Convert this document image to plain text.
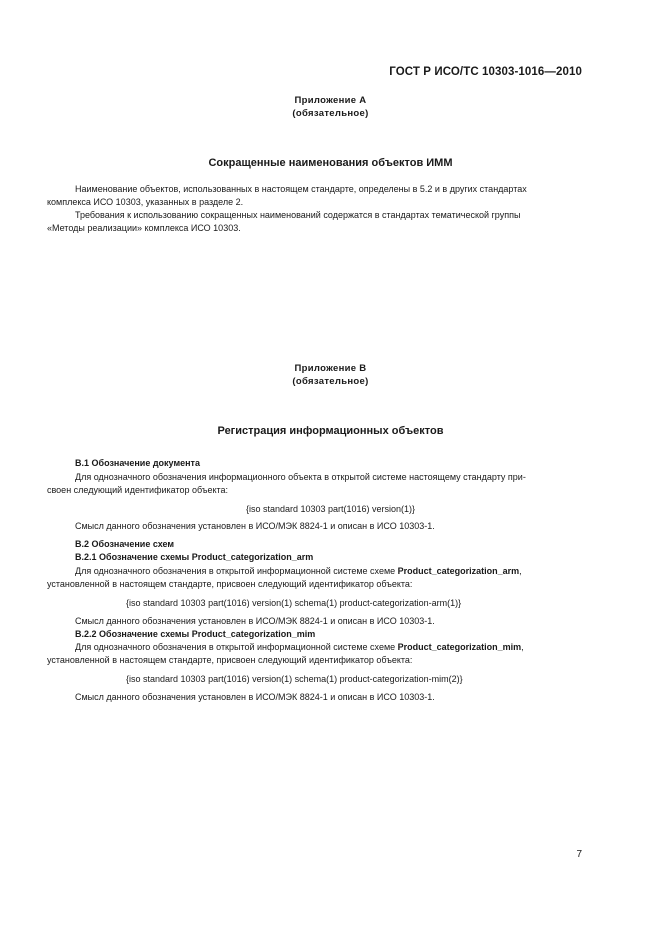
ГОСТ Р ИСО/ТС 10303-1016—2010
Приложение А
(обязательное)
Сокращенные наименования объектов ИММ
Наименование объектов, использованных в настоящем стандарте, определены в 5.2 и в других стандартах
комплекса ИСО 10303, указанных в разделе 2.
Требования к использованию сокращенных наименований содержатся в стандартах тематической группы
«Методы реализации» комплекса ИСО 10303.
Приложение В
(обязательное)
Регистрация информационных объектов
В.1 Обозначение документа
Для однозначного обозначения информационного объекта в открытой системе настоящему стандарту при-
своен следующий идентификатор объекта:
{iso standard 10303 part(1016) version(1)}
Смысл данного обозначения установлен в ИСО/МЭК 8824-1 и описан в ИСО 10303-1.
В.2 Обозначение схем
В.2.1 Обозначение схемы Product_categorization_arm
Для однозначного обозначения в открытой информационной системе схеме Product_categorization_arm,
установленной в настоящем стандарте, присвоен следующий идентификатор объекта:
{iso standard 10303 part(1016) version(1) schema(1) product-categorization-arm(1)}
Смысл данного обозначения установлен в ИСО/МЭК 8824-1 и описан в ИСО 10303-1.
В.2.2 Обозначение схемы Product_categorization_mim
Для однозначного обозначения в открытой информационной системе схеме Product_categorization_mim,
установленной в настоящем стандарте, присвоен следующий идентификатор объекта:
{iso standard 10303 part(1016) version(1) schema(1) product-categorization-mim(2)}
Смысл данного обозначения установлен в ИСО/МЭК 8824-1 и описан в ИСО 10303-1.
7
